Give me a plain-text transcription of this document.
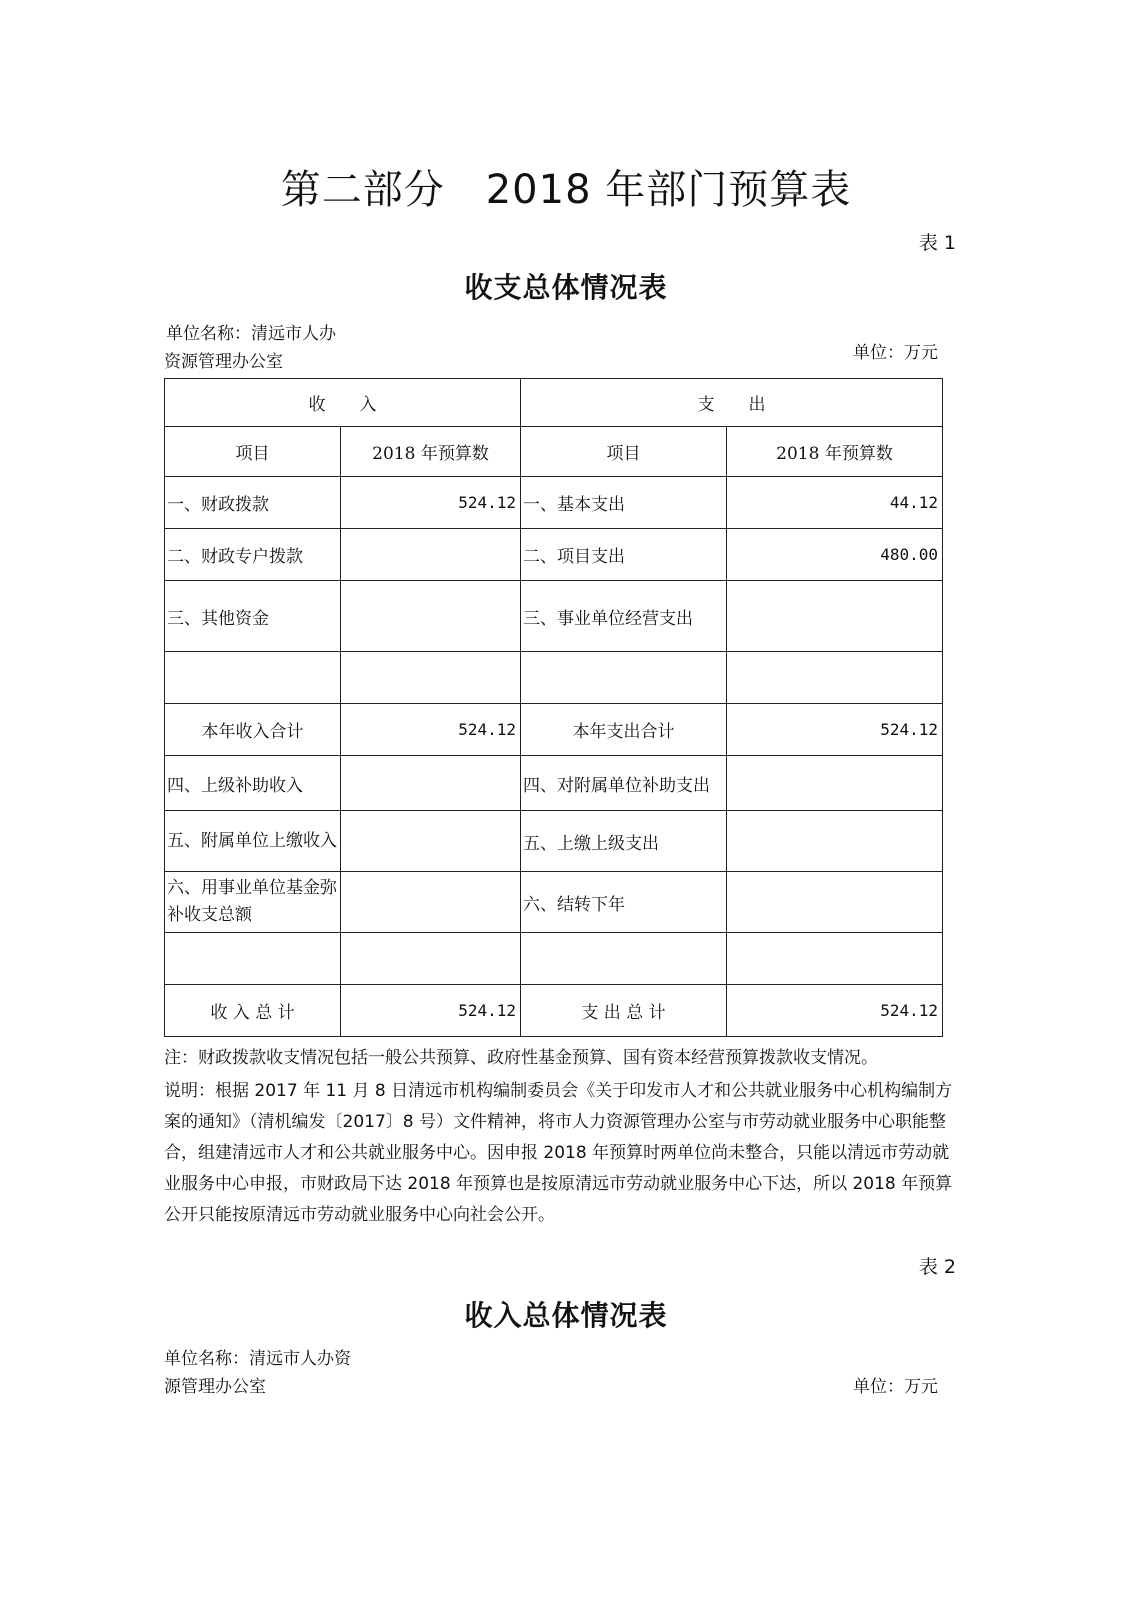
第二部分　2018 年部门预算表
表 1
收支总体情况表
单位名称：清远市人办
资源管理办公室	单位：万元
收　　入		支　　出	
项目	2018 年预算数	项目	2018 年预算数
一、财政拨款	524.12	一、基本支出	44.12
二、财政专户拨款		二、项目支出	480.00
三、其他资金		三、事业单位经营支出	

本年收入合计	524.12	本年支出合计	524.12
四、上级补助收入		四、对附属单位补助支出	
五、附属单位上缴收入		五、上缴上级支出	
六、用事业单位基金弥补收支总额		六、结转下年	

收 入 总 计	524.12	支 出 总 计	524.12

注：财政拨款收支情况包括一般公共预算、政府性基金预算、国有资本经营预算拨款收支情况。

说明：根据 2017 年 11 月 8 日清远市机构编制委员会《关于印发市人才和公共就业服务中心机构编制方案的通知》（清机编发〔2017〕8 号）文件精神，将市人力资源管理办公室与市劳动就业服务中心职能整合，组建清远市人才和公共就业服务中心。因申报 2018 年预算时两单位尚未整合，只能以清远市劳动就业服务中心申报，市财政局下达 2018 年预算也是按原清远市劳动就业服务中心下达，所以 2018 年预算公开只能按原清远市劳动就业服务中心向社会公开。

表 2
收入总体情况表
单位名称：清远市人办资
源管理办公室	单位：万元
